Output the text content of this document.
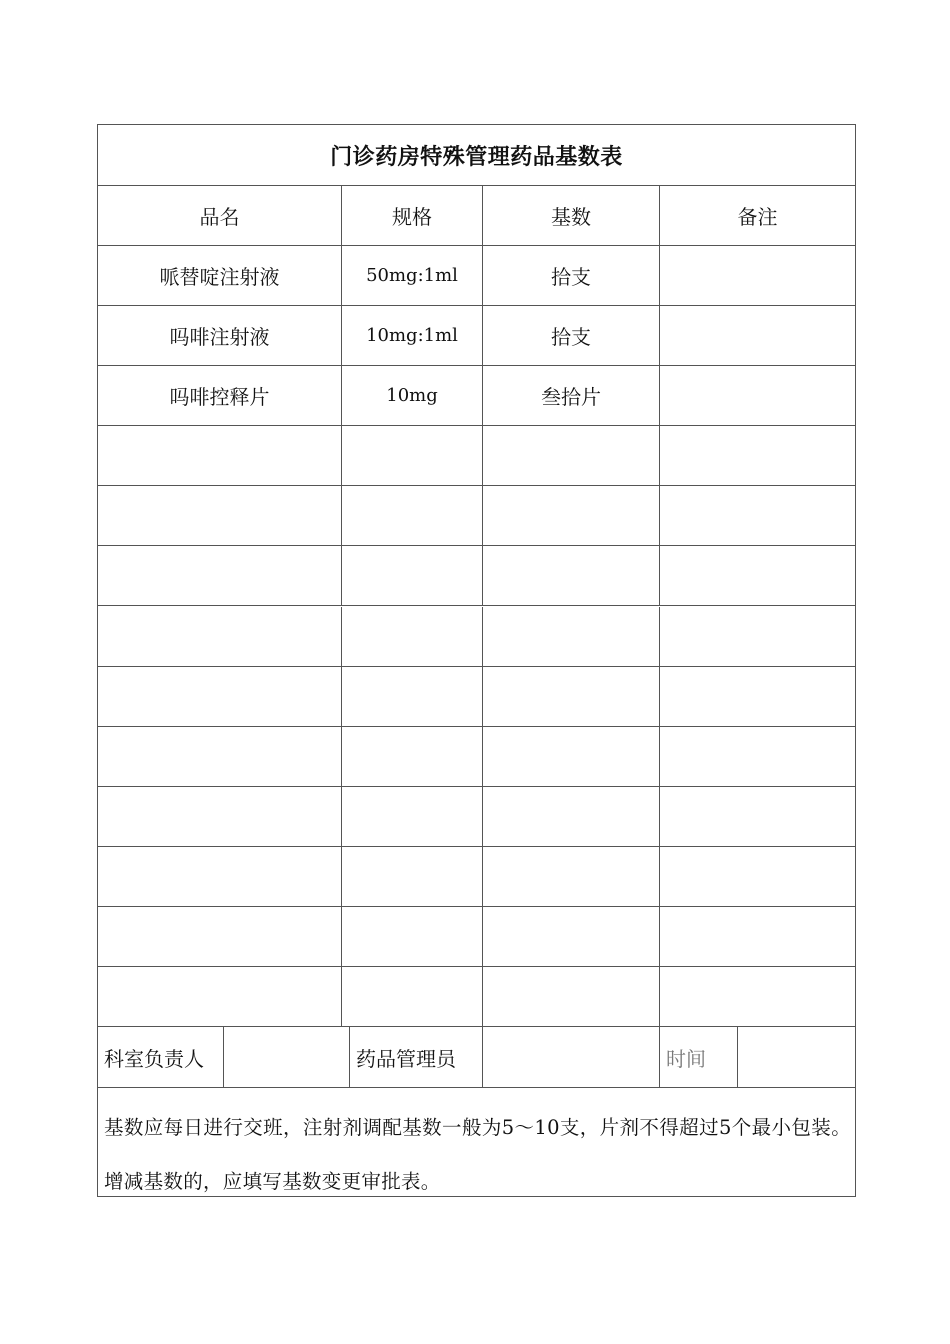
门诊药房特殊管理药品基数表
品名	规格	基数	备注
哌替啶注射液	50mg:1ml	拾支
吗啡注射液	10mg:1ml	拾支
吗啡控释片	10mg	叁拾片
科室负责人	药品管理员	时间
基数应每日进行交班，注射剂调配基数一般为5～10支，片剂不得超过5个最小包装。增减基数的，应填写基数变更审批表。
